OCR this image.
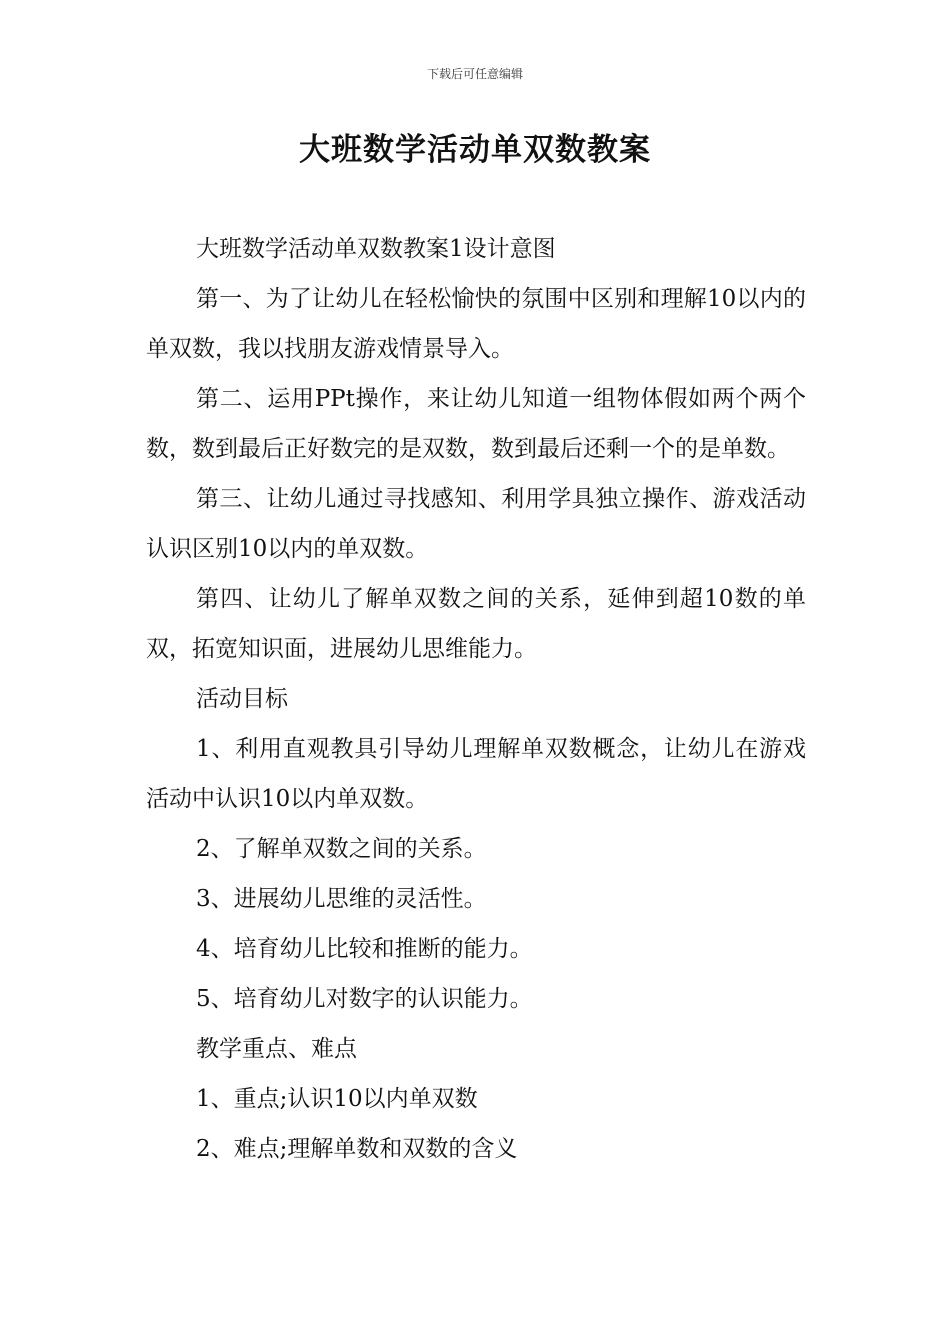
下载后可任意编辑
大班数学活动单双数教案

大班数学活动单双数教案1设计意图

第一、为了让幼儿在轻松愉快的氛围中区别和理解10以内的单双数，我以找朋友游戏情景导入。

第二、运用PPt操作，来让幼儿知道一组物体假如两个两个数，数到最后正好数完的是双数，数到最后还剩一个的是单数。

第三、让幼儿通过寻找感知、利用学具独立操作、游戏活动认识区别10以内的单双数。

第四、让幼儿了解单双数之间的关系，延伸到超10数的单双，拓宽知识面，进展幼儿思维能力。

活动目标

1、利用直观教具引导幼儿理解单双数概念，让幼儿在游戏活动中认识10以内单双数。

2、了解单双数之间的关系。

3、进展幼儿思维的灵活性。

4、培育幼儿比较和推断的能力。

5、培育幼儿对数字的认识能力。

教学重点、难点

1、重点;认识10以内单双数

2、难点;理解单数和双数的含义
